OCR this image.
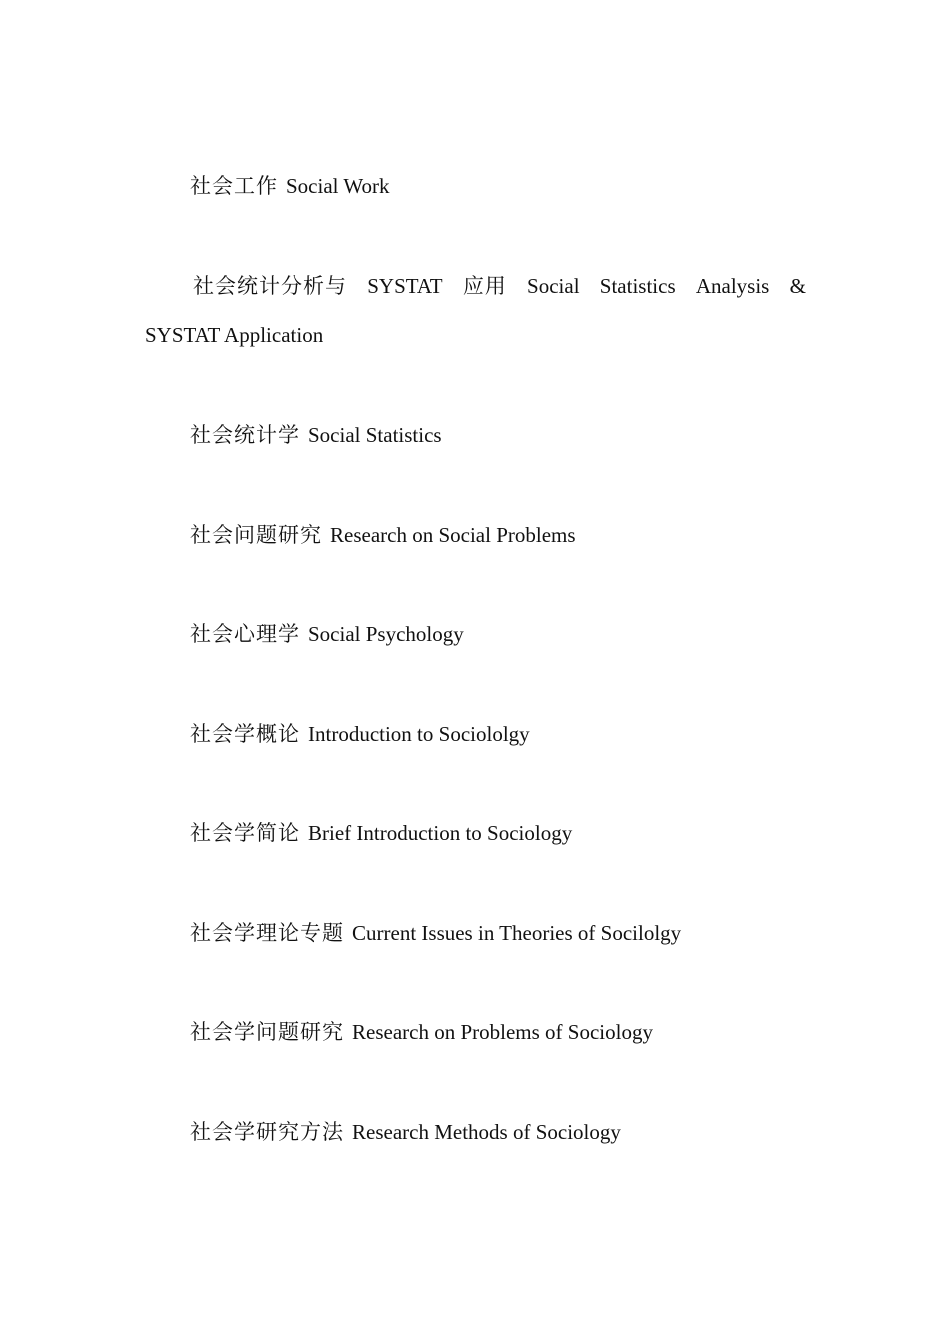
社会工作 Social Work
社会统计分析与 SYSTAT 应用 Social Statistics Analysis &
SYSTAT Application
社会统计学 Social Statistics
社会问题研究 Research on Social Problems
社会心理学 Social Psychology
社会学概论 Introduction to Sociololgy
社会学简论 Brief Introduction to Sociology
社会学理论专题 Current Issues in Theories of Socilolgy
社会学问题研究 Research on Problems of Sociology
社会学研究方法 Research Methods of Sociology
